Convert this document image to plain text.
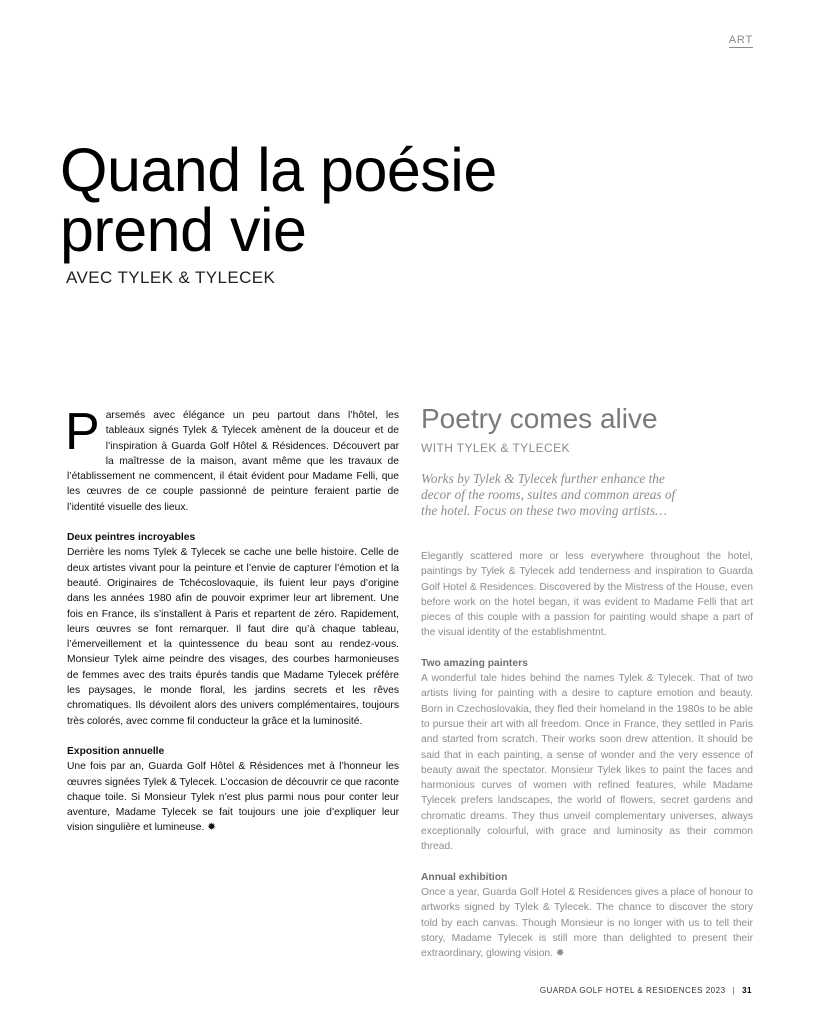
ART
Quand la poésie
prend vie
AVEC TYLEK & TYLECEK

Parsemés avec élégance un peu partout dans l’hôtel, les tableaux signés Tylek & Tylecek amènent de la douceur et de l’inspiration à Guarda Golf Hôtel & Résidences. Découvert par la maîtresse de la maison, avant même que les travaux de l’établissement ne commencent, il était évident pour Madame Felli, que les œuvres de ce couple passionné de peinture feraient partie de l’identité visuelle des lieux.

Deux peintres incroyables

Derrière les noms Tylek & Tylecek se cache une belle histoire. Celle de deux artistes vivant pour la peinture et l’envie de capturer l’émotion et la beauté. Originaires de Tchécoslovaquie, ils fuient leur pays d’origine dans les années 1980 afin de pouvoir exprimer leur art librement. Une fois en France, ils s’installent à Paris et repartent de zéro. Rapidement, leurs œuvres se font remarquer. Il faut dire qu’à chaque tableau, l’émerveillement et la quintessence du beau sont au rendez-vous. Monsieur Tylek aime peindre des visages, des courbes harmonieuses de femmes avec des traits épurés tandis que Madame Tylecek préfère les paysages, le monde floral, les jardins secrets et les rêves chromatiques. Ils dévoilent alors des univers complémentaires, toujours très colorés, avec comme fil conducteur la grâce et la luminosité.

Exposition annuelle

Une fois par an, Guarda Golf Hôtel & Résidences met à l’honneur les œuvres signées Tylek & Tylecek. L’occasion de découvrir ce que raconte chaque toile. Si Monsieur Tylek n’est plus parmi nous pour conter leur aventure, Madame Tylecek se fait toujours une joie d’expliquer leur vision singulière et lumineuse. ✹

Poetry comes alive
WITH TYLEK & TYLECEK

Works by Tylek & Tylecek further enhance the decor of the rooms, suites and common areas of the hotel. Focus on these two moving artists…

Elegantly scattered more or less everywhere throughout the hotel, paintings by Tylek & Tylecek add tenderness and inspiration to Guarda Golf Hotel & Residences. Discovered by the Mistress of the House, even before work on the hotel began, it was evident to Madame Felli that art pieces of this couple with a passion for painting would shape a part of the visual identity of the establishmentnt.

Two amazing painters

A wonderful tale hides behind the names Tylek & Tylecek. That of two artists living for painting with a desire to capture emotion and beauty. Born in Czechoslovakia, they fled their homeland in the 1980s to be able to pursue their art with all freedom. Once in France, they settled in Paris and started from scratch. Their works soon drew attention. It should be said that in each painting, a sense of wonder and the very essence of beauty await the spectator. Monsieur Tylek likes to paint the faces and harmonious curves of women with refined features, while Madame Tylecek prefers landscapes, the world of flowers, secret gardens and chromatic dreams. They thus unveil complementary universes, always exceptionally colourful, with grace and luminosity as their common thread.

Annual exhibition

Once a year, Guarda Golf Hotel & Residences gives a place of honour to artworks signed by Tylek & Tylecek. The chance to discover the story told by each canvas. Though Monsieur is no longer with us to tell their story, Madame Tylecek is still more than delighted to present their extraordinary, glowing vision. ✹

GUARDA GOLF HOTEL & RESIDENCES 2023 | 31
